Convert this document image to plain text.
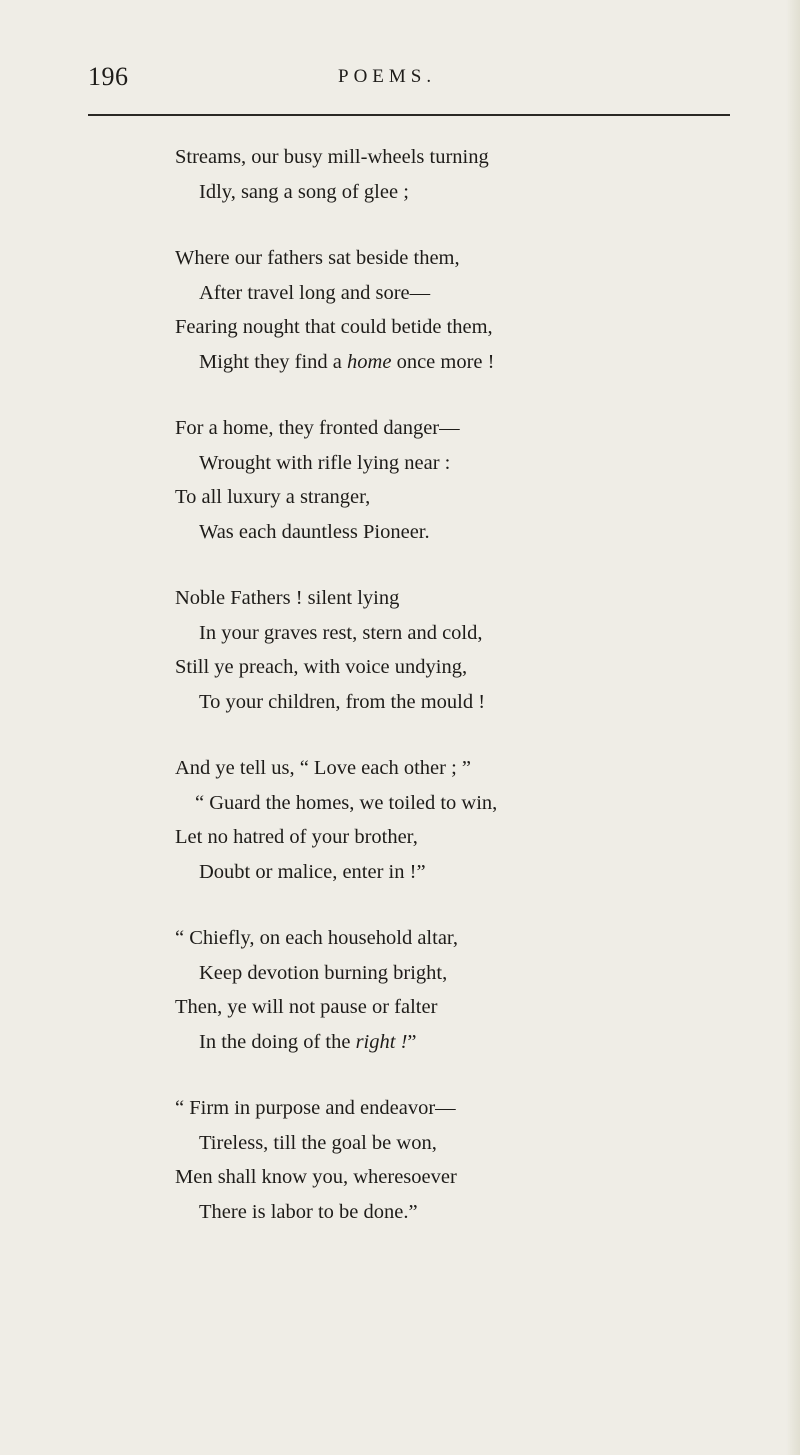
196	POEMS.
Streams, our busy mill-wheels turning
Idly, sang a song of glee ;
Where our fathers sat beside them,
After travel long and sore—
Fearing nought that could betide them,
Might they find a home once more !
For a home, they fronted danger—
Wrought with rifle lying near :
To all luxury a stranger,
Was each dauntless Pioneer.
Noble Fathers ! silent lying
In your graves rest, stern and cold,
Still ye preach, with voice undying,
To your children, from the mould !
And ye tell us, “ Love each other ; ”
“ Guard the homes, we toiled to win,
Let no hatred of your brother,
Doubt or malice, enter in !”
“ Chiefly, on each household altar,
Keep devotion burning bright,
Then, ye will not pause or falter
In the doing of the right !”
“ Firm in purpose and endeavor—
Tireless, till the goal be won,
Men shall know you, wheresoever
There is labor to be done.”
